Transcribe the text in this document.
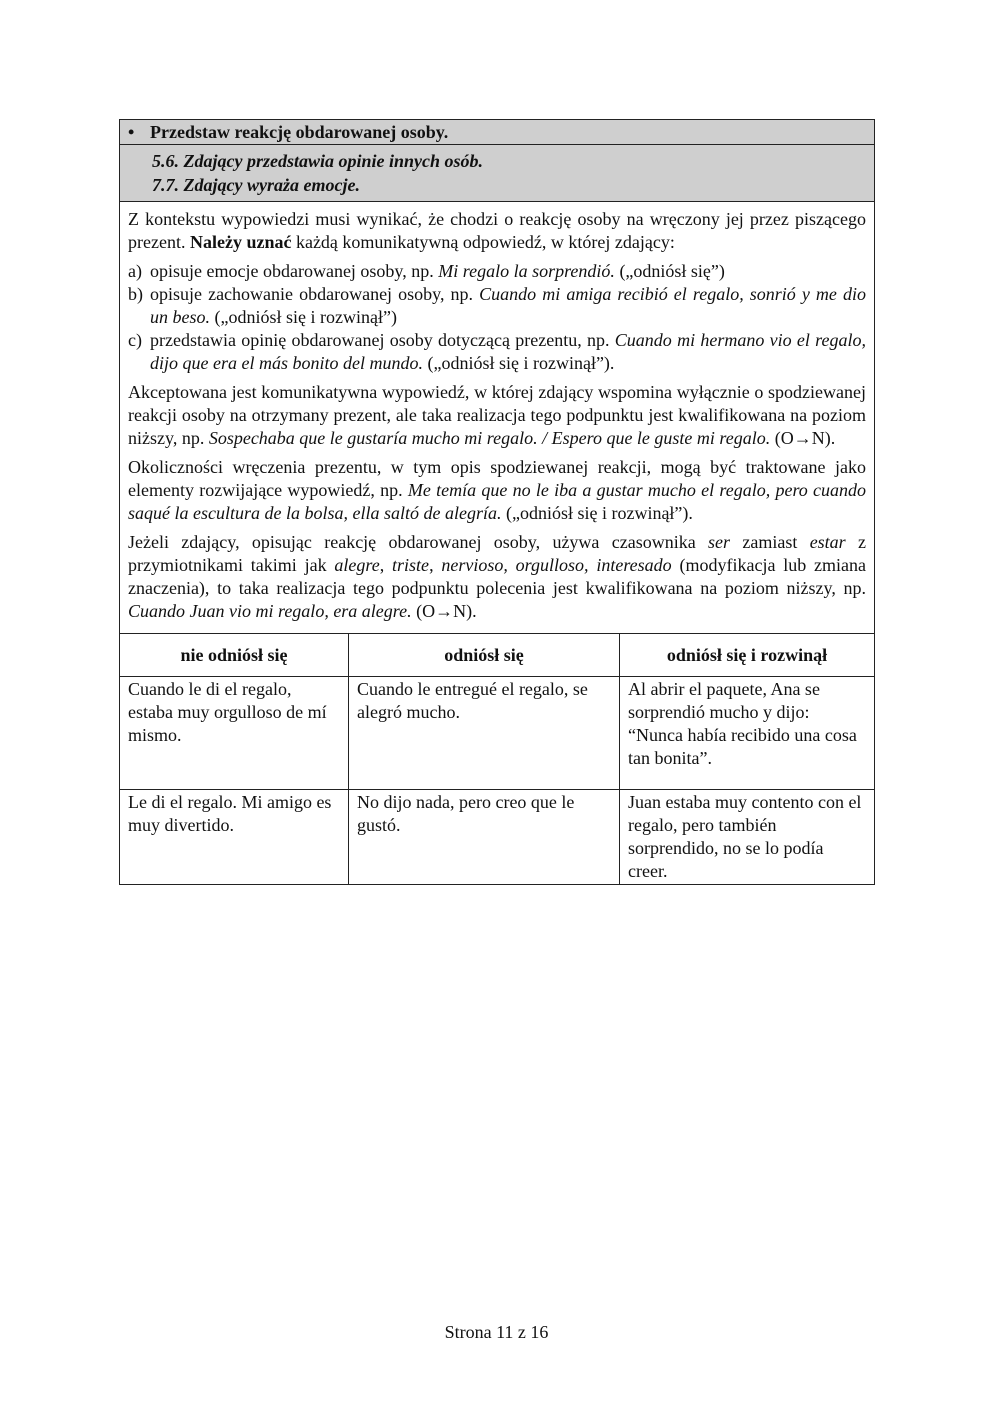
• Przedstaw reakcję obdarowanej osoby.
5.6. Zdający przedstawia opinie innych osób.
7.7. Zdający wyraża emocje.

Z kontekstu wypowiedzi musi wynikać, że chodzi o reakcję osoby na wręczony jej przez piszącego prezent. Należy uznać każdą komunikatywną odpowiedź, w której zdający:

a) opisuje emocje obdarowanej osoby, np. Mi regalo la sorprendió. („odniósł się”)
b) opisuje zachowanie obdarowanej osoby, np. Cuando mi amiga recibió el regalo, sonrió y me dio un beso. („odniósł się i rozwinął”)
c) przedstawia opinię obdarowanej osoby dotyczącą prezentu, np. Cuando mi hermano vio el regalo, dijo que era el más bonito del mundo. („odniósł się i rozwinął”).

Akceptowana jest komunikatywna wypowiedź, w której zdający wspomina wyłącznie o spodziewanej reakcji osoby na otrzymany prezent, ale taka realizacja tego podpunktu jest kwalifikowana na poziom niższy, np. Sospechaba que le gustaría mucho mi regalo. / Espero que le guste mi regalo. (O→N).

Okoliczności wręczenia prezentu, w tym opis spodziewanej reakcji, mogą być traktowane jako elementy rozwijające wypowiedź, np. Me temía que no le iba a gustar mucho el regalo, pero cuando saqué la escultura de la bolsa, ella saltó de alegría. („odniósł się i rozwinął”).

Jeżeli zdający, opisując reakcję obdarowanej osoby, używa czasownika ser zamiast estar z przymiotnikami takimi jak alegre, triste, nervioso, orgulloso, interesado (modyfikacja lub zmiana znaczenia), to taka realizacja tego podpunktu polecenia jest kwalifikowana na poziom niższy, np. Cuando Juan vio mi regalo, era alegre. (O→N).

nie odniósł się	odniósł się	odniósł się i rozwinął

Cuando le di el regalo, estaba muy orgulloso de mí mismo.	Cuando le entregué el regalo, se alegró mucho.	Al abrir el paquete, Ana se sorprendió mucho y dijo: “Nunca había recibido una cosa tan bonita”.

Le di el regalo. Mi amigo es muy divertido.	No dijo nada, pero creo que le gustó.	Juan estaba muy contento con el regalo, pero también sorprendido, no se lo podía creer.
Strona 11 z 16
